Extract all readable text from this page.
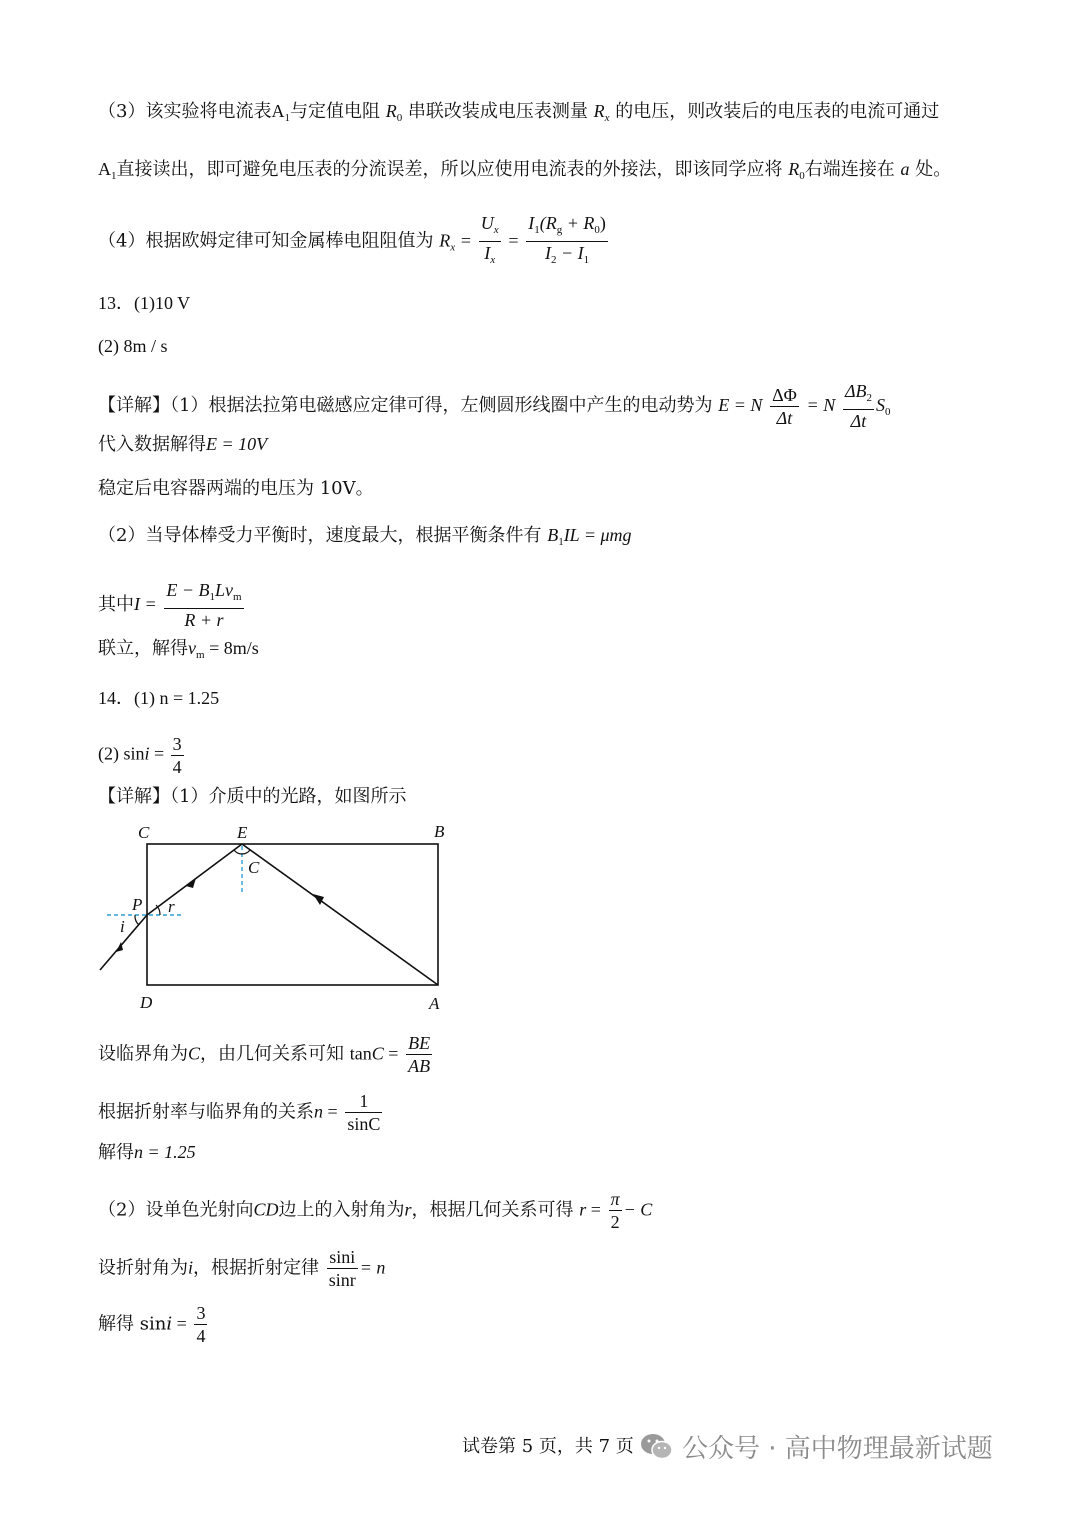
（3）该实验将电流表$A_1$与定值电阻 $R_0$ 串联改装成电压表测量 $R_x$ 的电压，则改装后的电压表的电流可通过
$A_1$直接读出，即可避免电压表的分流误差，所以应使用电流表的外接法，即该同学应将 $R_0$右端连接在 a 处。
（4）根据欧姆定律可知金属棒电阻阻值为 $R_x = \frac{U_x}{I_x} = \frac{I_1(R_g + R_0)}{I_2 - I_1}$
13．(1)10 V
(2) 8m / s
【详解】（1）根据法拉第电磁感应定律可得，左侧圆形线圈中产生的电动势为 E = N $\frac{\Delta\Phi}{\Delta t} = N \frac{\Delta B_2}{\Delta t} S_0$
代入数据解得E = 10V
稳定后电容器两端的电压为 10V。
（2）当导体棒受力平衡时，速度最大，根据平衡条件有 $B_1IL = \mu mg$
其中$I = \frac{E - B_1Lv_m}{R + r}$
联立，解得$v_m = 8m/s$
14．(1) n = 1.25
(2) $\sin i = \frac{3}{4}$
【详解】（1）介质中的光路，如图所示
C	E	B
C
P r
i
D	A
设临界角为C，由几何关系可知 $\tan C = \frac{BE}{AB}$
根据折射率与临界角的关系$n = \frac{1}{\sin C}$
解得n = 1.25
（2）设单色光射向CD边上的入射角为r，根据几何关系可得 $r = \frac{\pi}{2} - C$
设折射角为i，根据折射定律 $\frac{\sin i}{\sin r} = n$
解得 $\sin i = \frac{3}{4}$
试卷第 5 页，共 7 页 公众号 · 高中物理最新试题
